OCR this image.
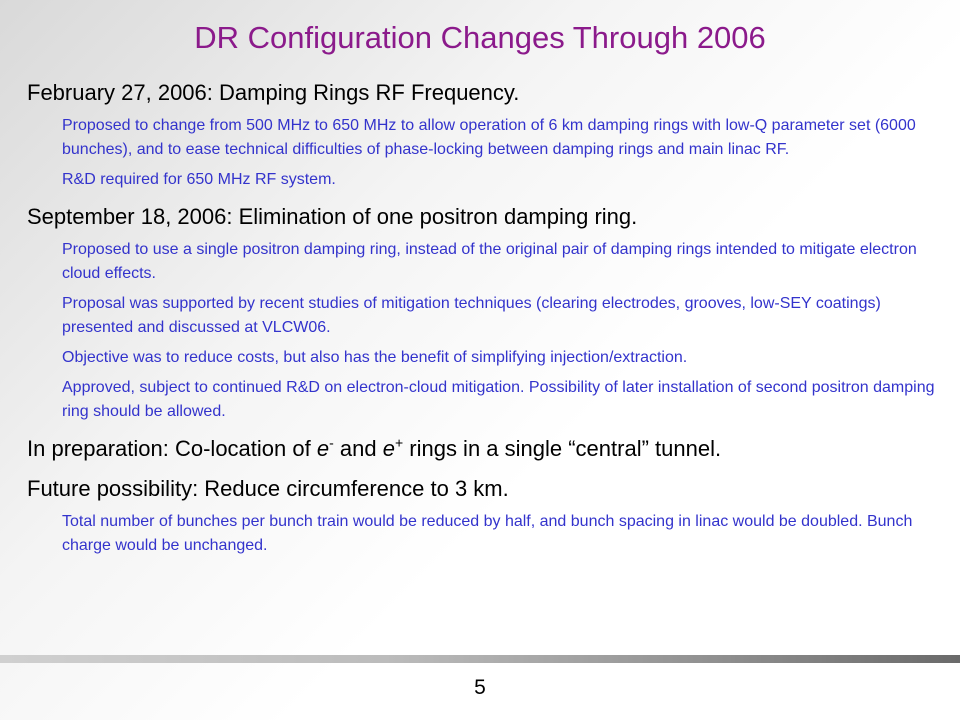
DR Configuration Changes Through 2006
February 27, 2006: Damping Rings RF Frequency.
Proposed to change from 500 MHz to 650 MHz to allow operation of 6 km damping rings with low-Q parameter set (6000 bunches), and to ease technical difficulties of phase-locking between damping rings and main linac RF.
R&D required for 650 MHz RF system.
September 18, 2006: Elimination of one positron damping ring.
Proposed to use a single positron damping ring, instead of the original pair of damping rings intended to mitigate electron cloud effects.
Proposal was supported by recent studies of mitigation techniques (clearing electrodes, grooves, low-SEY coatings) presented and discussed at VLCW06.
Objective was to reduce costs, but also has the benefit of simplifying injection/extraction.
Approved, subject to continued R&D on electron-cloud mitigation. Possibility of later installation of second positron damping ring should be allowed.
In preparation: Co-location of e- and e+ rings in a single “central” tunnel.
Future possibility: Reduce circumference to 3 km.
Total number of bunches per bunch train would be reduced by half, and bunch spacing in linac would be doubled. Bunch charge would be unchanged.
5
